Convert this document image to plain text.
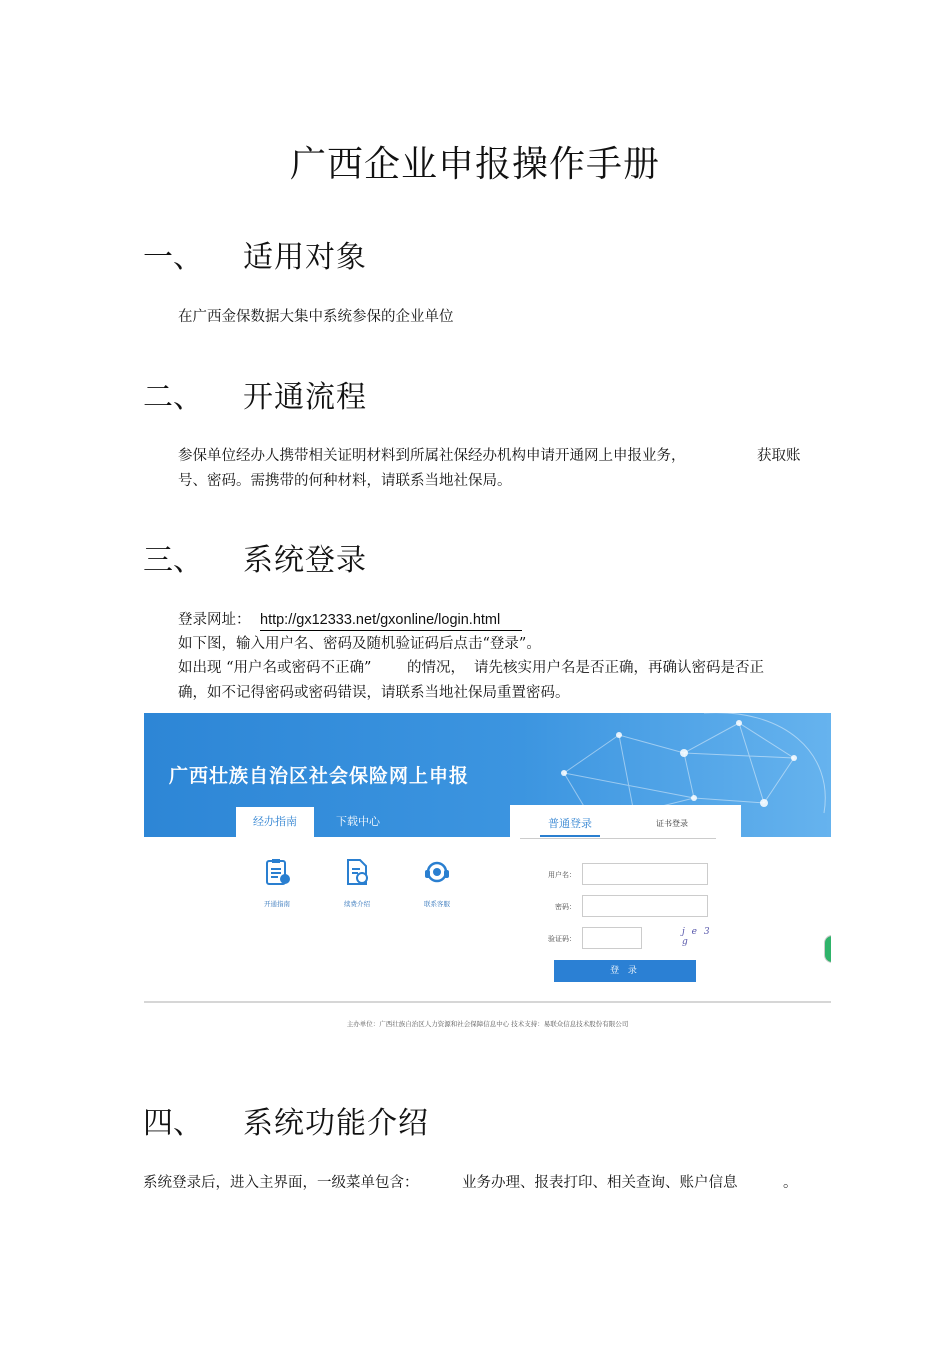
广西企业申报操作手册
一、 适用对象
在广西金保数据大集中系统参保的企业单位
二、 开通流程
参保单位经办人携带相关证明材料到所属社保经办机构申请开通网上申报业务，	获取账
号、密码。需携带的何种材料，请联系当地社保局。
三、 系统登录
登录网址： http://gx12333.net/gxonline/login.html
如下图，输入用户名、密码及随机验证码后点击“登录”。
如出现 “用户名或密码不正确” 的情况， 请先核实用户名是否正确，再确认密码是否正
确，如不记得密码或密码错误，请联系当地社保局重置密码。
广西壮族自治区社会保险网上申报
经办指南	下载中心
开通指南	续费介绍	联系客服
普通登录	证书登录
用户名：
密码：
验证码：
j e 3 g
登 录
主办单位：广西壮族自治区人力资源和社会保障信息中心 技术支持：易联众信息技术股份有限公司
四、 系统功能介绍
系统登录后，进入主界面，一级菜单包含：	业务办理、报表打印、相关查询、账户信息	。
